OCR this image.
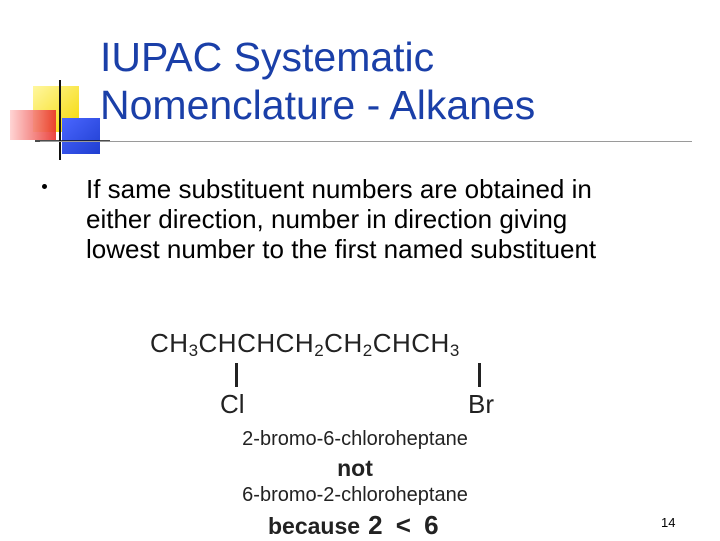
IUPAC Systematic
Nomenclature - Alkanes
If same substituent numbers are obtained in either direction, number in direction giving lowest number to the first named substituent
$CH_3CHCHCH_2CH_2CHCH_3$
Cl	Br
2-bromo-6-chloroheptane
not
6-bromo-2-chloroheptane
because 2 < 6	14
